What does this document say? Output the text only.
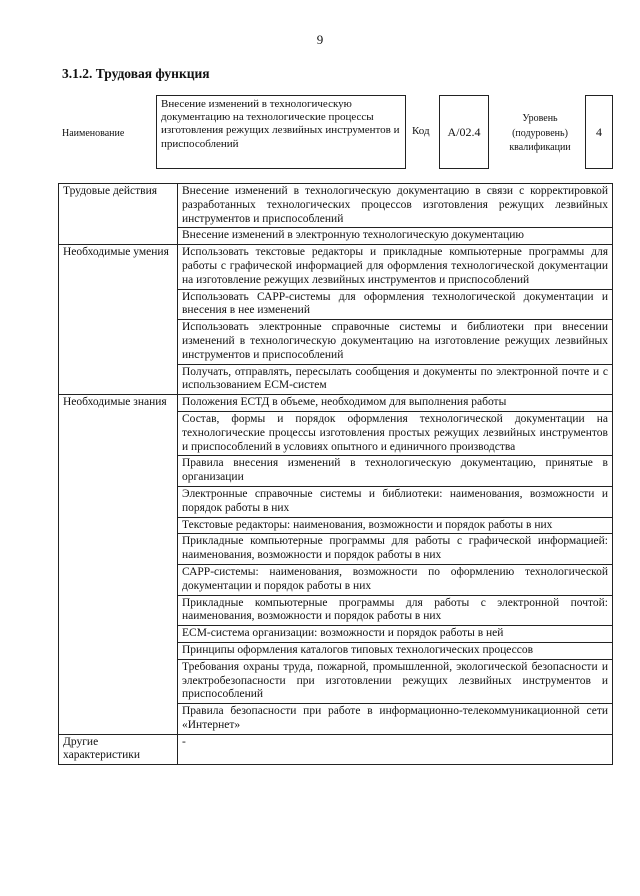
9
3.1.2. Трудовая функция
Наименование
Внесение изменений в технологическую документацию на технологические процессы изготовления режущих лезвийных инструментов и приспособлений
Код	A/02.4
Уровень
(подуровень)
квалификации
4
Трудовые действия	Внесение изменений в технологическую документацию в связи с корректировкой разработанных технологических процессов изготовления режущих лезвийных инструментов и приспособлений
	Внесение изменений в электронную технологическую документацию
Необходимые умения	Использовать текстовые редакторы и прикладные компьютерные программы для работы с графической информацией для оформления технологической документации на изготовление режущих лезвийных инструментов и приспособлений
	Использовать САРР-системы для оформления технологической документации и внесения в нее изменений
	Использовать электронные справочные системы и библиотеки при внесении изменений в технологическую документацию на изготовление режущих лезвийных инструментов и приспособлений
	Получать, отправлять, пересылать сообщения и документы по электронной почте и с использованием ECM-систем
Необходимые знания	Положения ЕСТД в объеме, необходимом для выполнения работы
	Состав, формы и порядок оформления технологической документации на технологические процессы изготовления простых режущих лезвийных инструментов и приспособлений в условиях опытного и единичного производства
	Правила внесения изменений в технологическую документацию, принятые в организации
	Электронные справочные системы и библиотеки: наименования, возможности и порядок работы в них
	Текстовые редакторы: наименования, возможности и порядок работы в них
	Прикладные компьютерные программы для работы с графической информацией: наименования, возможности и порядок работы в них
	САРР-системы: наименования, возможности по оформлению технологической документации и порядок работы в них
	Прикладные компьютерные программы для работы с электронной почтой: наименования, возможности и порядок работы в них
	ECM-система организации: возможности и порядок работы в ней
	Принципы оформления каталогов типовых технологических процессов
	Требования охраны труда, пожарной, промышленной, экологической безопасности и электробезопасности при изготовлении режущих лезвийных инструментов и приспособлений
	Правила безопасности при работе в информационно-телекоммуникационной сети «Интернет»
Другие характеристики	-
